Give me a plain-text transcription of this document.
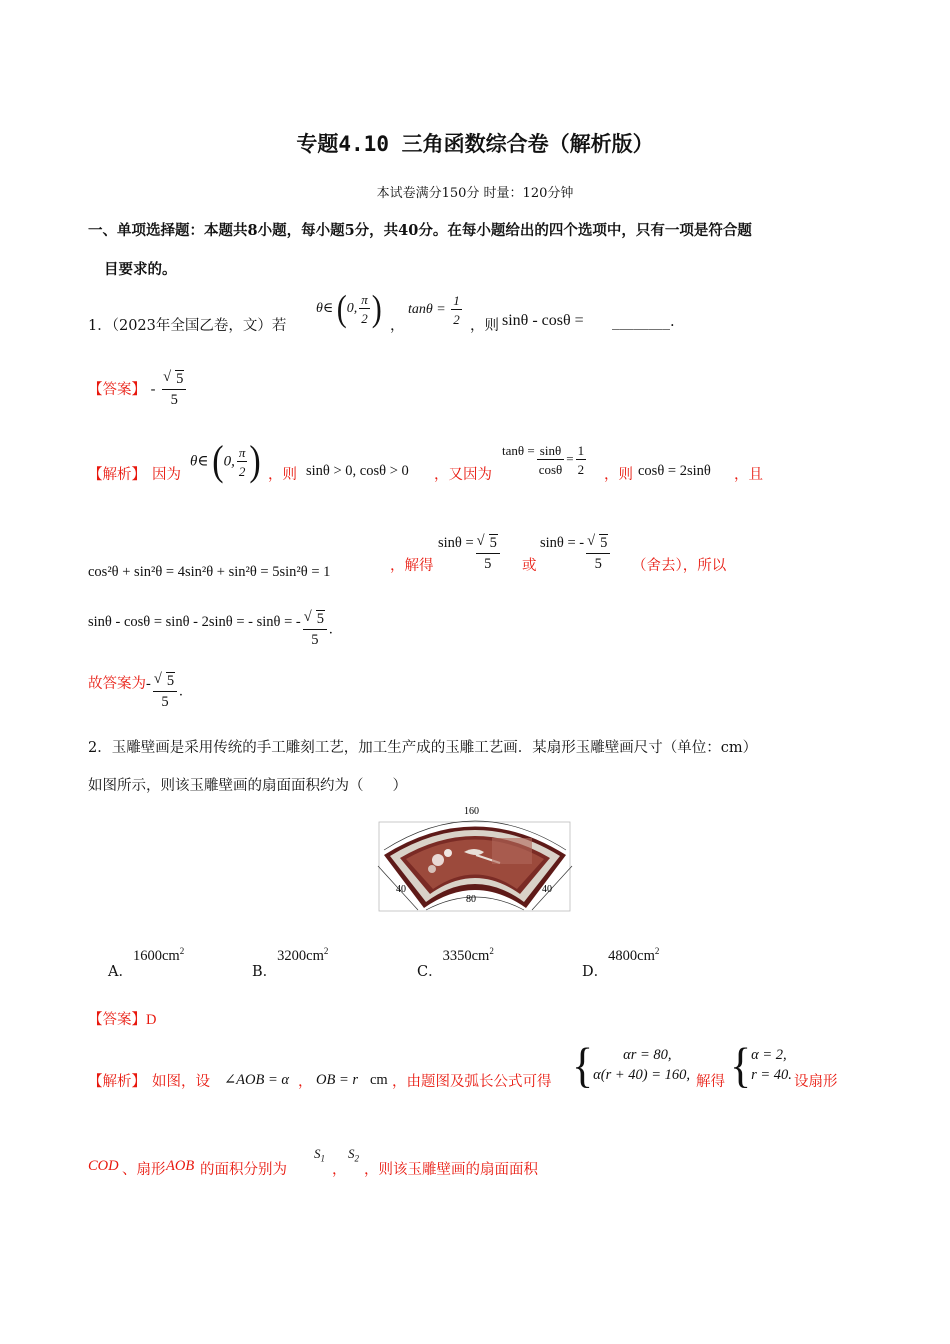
专题4.10 三角函数综合卷（解析版）
本试卷满分150分 时量：120分钟
一、单项选择题：本题共8小题，每小题5分，共40分。在每小题给出的四个选项中，只有一项是符合题
目要求的。
1．（2023年全国乙卷，文）若
θ∈ (0, $\frac{\pi}{2}$ ) ，
$\tan\theta = \frac{1}{2}$ ，则 sinθ - cosθ = ________.
【答案】 - √ $\frac{5}{5}$
【解析】 因为
θ∈ (0, $\frac{\pi}{2}$ ) ，则 sinθ > 0, cosθ > 0 ，又因为
$\tan\theta = \frac{\sin\theta}{\cos\theta} = \frac{1}{2}$ ，则 cosθ = 2sinθ ，且
cos²θ + sin²θ = 4sin²θ + sin²θ = 5sin²θ = 1	，解得
sinθ = √ $\frac{5}{5}$ 或
sinθ = - √ $\frac{5}{5}$ （舍去），所以
sinθ - cosθ = sinθ - 2sinθ = - sinθ = - √ $\frac{5}{5}$ .
故答案为- √ $\frac{5}{5}$ .
2．玉雕壁画是采用传统的手工雕刻工艺，加工生产成的玉雕工艺画．某扇形玉雕壁画尺寸（单位：cm）
如图所示，则该玉雕壁画的扇面面积约为（　　）
160
40	40
80
A．$1600cm^2$
B．$3200cm^2$
C．$3350cm^2$
D．$4800cm^2$
【答案】D
【解析】 如图，设 ∠AOB = α ， OB = r cm ，由题图及弧长公式可得 {	αr = 80,
α(r + 40) = 160, 解得 { α = 2,
r = 40. 设扇形
COD 、扇形 AOB 的面积分别为
$S_1$
，
$S_2$
，则该玉雕壁画的扇面面积
